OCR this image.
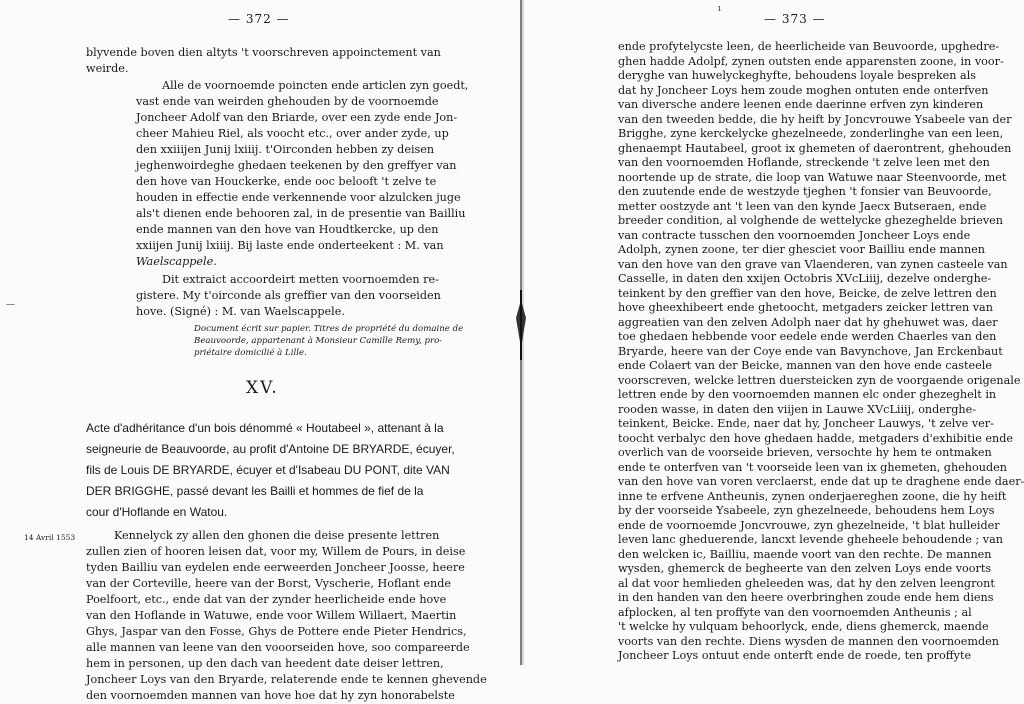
— 372 —
blyvende boven dien altyts 't voorschreven appoinctement van
weirde.
Alle de voornoemde poincten ende articlen zyn goedt,
vast ende van weirden ghehouden by de voornoemde
Joncheer Adolf van den Briarde, over een zyde ende Jon-
cheer Mahieu Riel, als voocht etc., over ander zyde, up
den xxiiijen Junij lxiiij. t'Oirconden hebben zy deisen
jeghenwoirdeghe ghedaen teekenen by den greffyer van
den hove van Houckerke, ende ooc belooft 't zelve te
houden in effectie ende verkennende voor alzulcken juge
als't dienen ende behooren zal, in de presentie van Bailliu
ende mannen van den hove van Houdtkercke, up den
xxiijen Junij lxiiij. Bij laste ende onderteekent : M. van
Waelscappele.
Dit extraict accoordeirt metten voornoemden re-
gistere. My t'oirconde als greffier van den voorseiden
hove. (Signé) : M. van Waelscappele.
Document écrit sur papier. Titres de propriété du domaine de
Beauvoorde, appartenant à Monsieur Camille Remy, pro-
priétaire domicilié à Lille.
XV.
Acte d'adhéritance d'un bois dénommé « Houtabeel », attenant à la
seigneurie de Beauvoorde, au profit d'Antoine DE BRYARDE, écuyer,
fils de Louis DE BRYARDE, écuyer et d'Isabeau DU PONT, dite VAN
DER BRIGGHE, passé devant les Bailli et hommes de fief de la
cour d'Hoflande en Watou.
14 Avril 1553	Kennelyck zy allen den ghonen die deise presente lettren
zullen zien of hooren leisen dat, voor my, Willem de Pours, in deise
tyden Bailliu van eydelen ende eerweerden Joncheer Joosse, heere
van der Corteville, heere van der Borst, Vyscherie, Hoflant ende
Poelfoort, etc., ende dat van der zynder heerlicheide ende hove
van den Hoflande in Watuwe, ende voor Willem Willaert, Maertin
Ghys, Jaspar van den Fosse, Ghys de Pottere ende Pieter Hendrics,
alle mannen van leene van den vooorseiden hove, soo compareerde
hem in personen, up den dach van heedent date deiser lettren,
Joncheer Loys van den Bryarde, relaterende ende te kennen ghevende
den voornoemden mannen van hove hoe dat hy zyn honorabelste
—
— 373 —
ı
ende profytelycste leen, de heerlicheide van Beuvoorde, upghedre-
ghen hadde Adolpf, zynen outsten ende apparensten zoone, in voor-
deryghe van huwelyckeghyfte, behoudens loyale bespreken als
dat hy Joncheer Loys hem zoude moghen ontuten ende onterfven
van diversche andere leenen ende daerinne erfven zyn kinderen
van den tweeden bedde, die hy heift by Joncvrouwe Ysabeele van der
Brigghe, zyne kerckelycke ghezelneede, zonderlinghe van een leen,
ghenaempt Hautabeel, groot ix ghemeten of daerontrent, ghehouden
van den voornoemden Hoflande, streckende 't zelve leen met den
noortende up de strate, die loop van Watuwe naar Steenvoorde, met
den zuutende ende de westzyde tjeghen 't fonsier van Beuvoorde,
metter oostzyde ant 't leen van den kynde Jaecx Butseraen, ende
breeder condition, al volghende de wettelycke ghezeghelde brieven
van contracte tusschen den voornoemden Joncheer Loys ende
Adolph, zynen zoone, ter dier ghesciet voor Bailliu ende mannen
van den hove van den grave van Vlaenderen, van zynen casteele van
Casselle, in daten den xxijen Octobris XVcLiiij, dezelve onderghe-
teinkent by den greffier van den hove, Beicke, de zelve lettren den
hove gheexhibeert ende ghetoocht, metgaders zeicker lettren van
aggreatien van den zelven Adolph naer dat hy ghehuwet was, daer
toe ghedaen hebbende voor eedele ende werden Chaerles van den
Bryarde, heere van der Coye ende van Bavynchove, Jan Erckenbaut
ende Colaert van der Beicke, mannen van den hove ende casteele
voorscreven, welcke lettren duersteicken zyn de voorgaende origenale
lettren ende by den voornoemden mannen elc onder ghezeghelt in
rooden wasse, in daten den viijen in Lauwe XVcLiiij, onderghe-
teinkent, Beicke. Ende, naer dat hy, Joncheer Lauwys, 't zelve ver-
toocht verbalyc den hove ghedaen hadde, metgaders d'exhibitie ende
overlich van de voorseide brieven, versochte hy hem te ontmaken
ende te onterfven van 't voorseide leen van ix ghemeten, ghehouden
van den hove van voren verclaerst, ende dat up te draghene ende daer-
inne te erfvene Antheunis, zynen onderjaereghen zoone, die hy heift
by der voorseide Ysabeele, zyn ghezelneede, behoudens hem Loys
ende de voornoemde Joncvrouwe, zyn ghezelneide, 't blat hulleider
leven lanc gheduerende, lancxt levende gheheele behoudende ; van
den welcken ic, Bailliu, maende voort van den rechte. De mannen
wysden, ghemerck de begheerte van den zelven Loys ende voorts
al dat voor hemlieden gheleeden was, dat hy den zelven leengront
in den handen van den heere overbringhen zoude ende hem diens
afplocken, al ten proffyte van den voornoemden Antheunis ; al
't welcke hy vulquam behoorlyck, ende, diens ghemerck, maende
voorts van den rechte. Diens wysden de mannen den voornoemden
Joncheer Loys ontuut ende onterft ende de roede, ten proffyte
